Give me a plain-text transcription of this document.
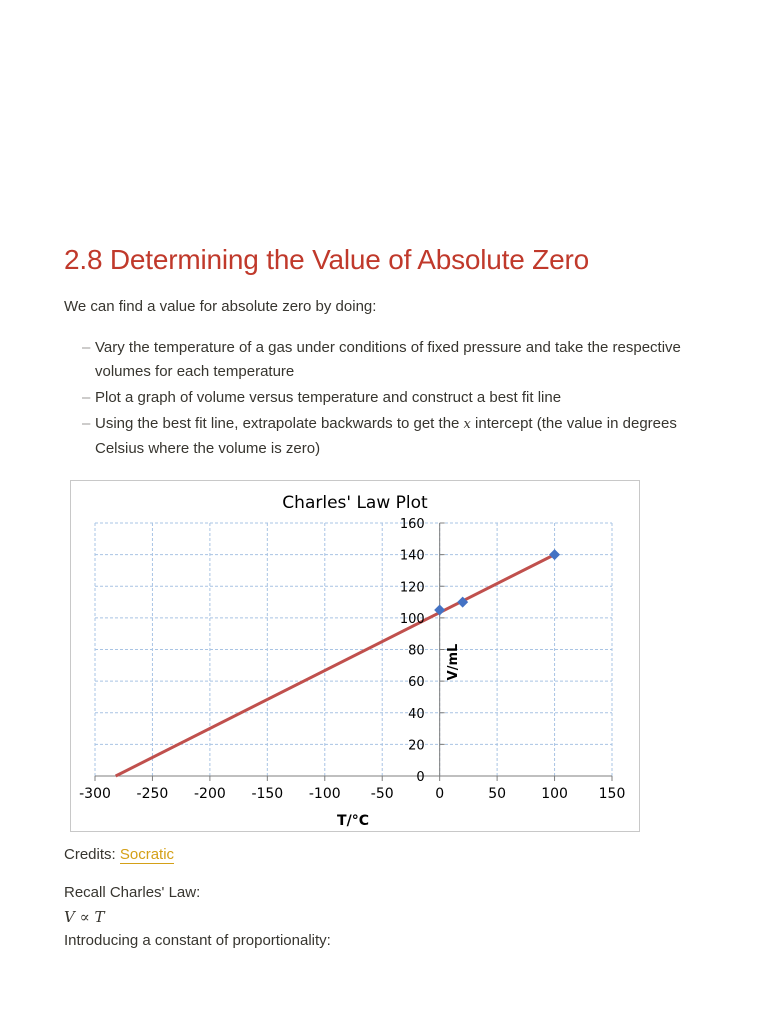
2.8 Determining the Value of Absolute Zero
We can find a value for absolute zero by doing:
– Vary the temperature of a gas under conditions of fixed pressure and take the respective volumes for each temperature
– Plot a graph of volume versus temperature and construct a best fit line
– Using the best fit line, extrapolate backwards to get the x intercept (the value in degrees Celsius where the volume is zero)
Charles' Law Plot
-300 -250 -200 -150 -100 -50	0	50	100 150
0
20
40
60
80
100
120
140
160
T/°C
V/mL
Credits: Socratic
Recall Charles' Law:
V ∝ T
Introducing a constant of proportionality:
